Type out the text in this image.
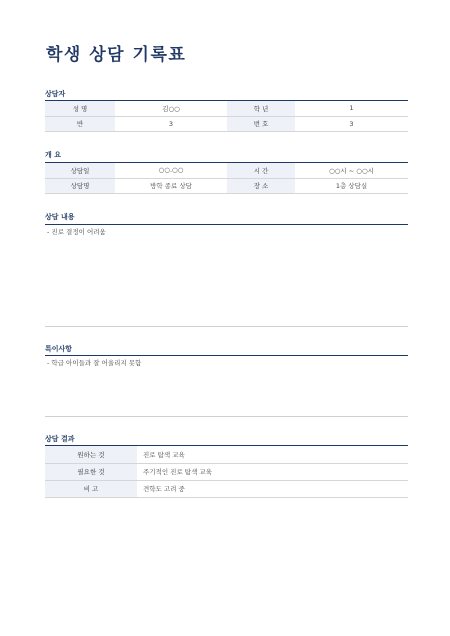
학생 상담 기록표
상담자
성 명	김○○	학 년	1
반	3	번 호	3
개 요
상담일	○○.○○	시 간	○○시 ~ ○○시
상담명	방학 종료 상담	장 소	1층 상담실
상담 내용
- 진로 결정이 어려움
특이사항
- 학급 아이들과 잘 어울리지 못함
상담 결과
원하는 것	진로 탐색 교육
필요한 것	주기적인 진로 탐색 교육
비 고	견학도 고려 중
